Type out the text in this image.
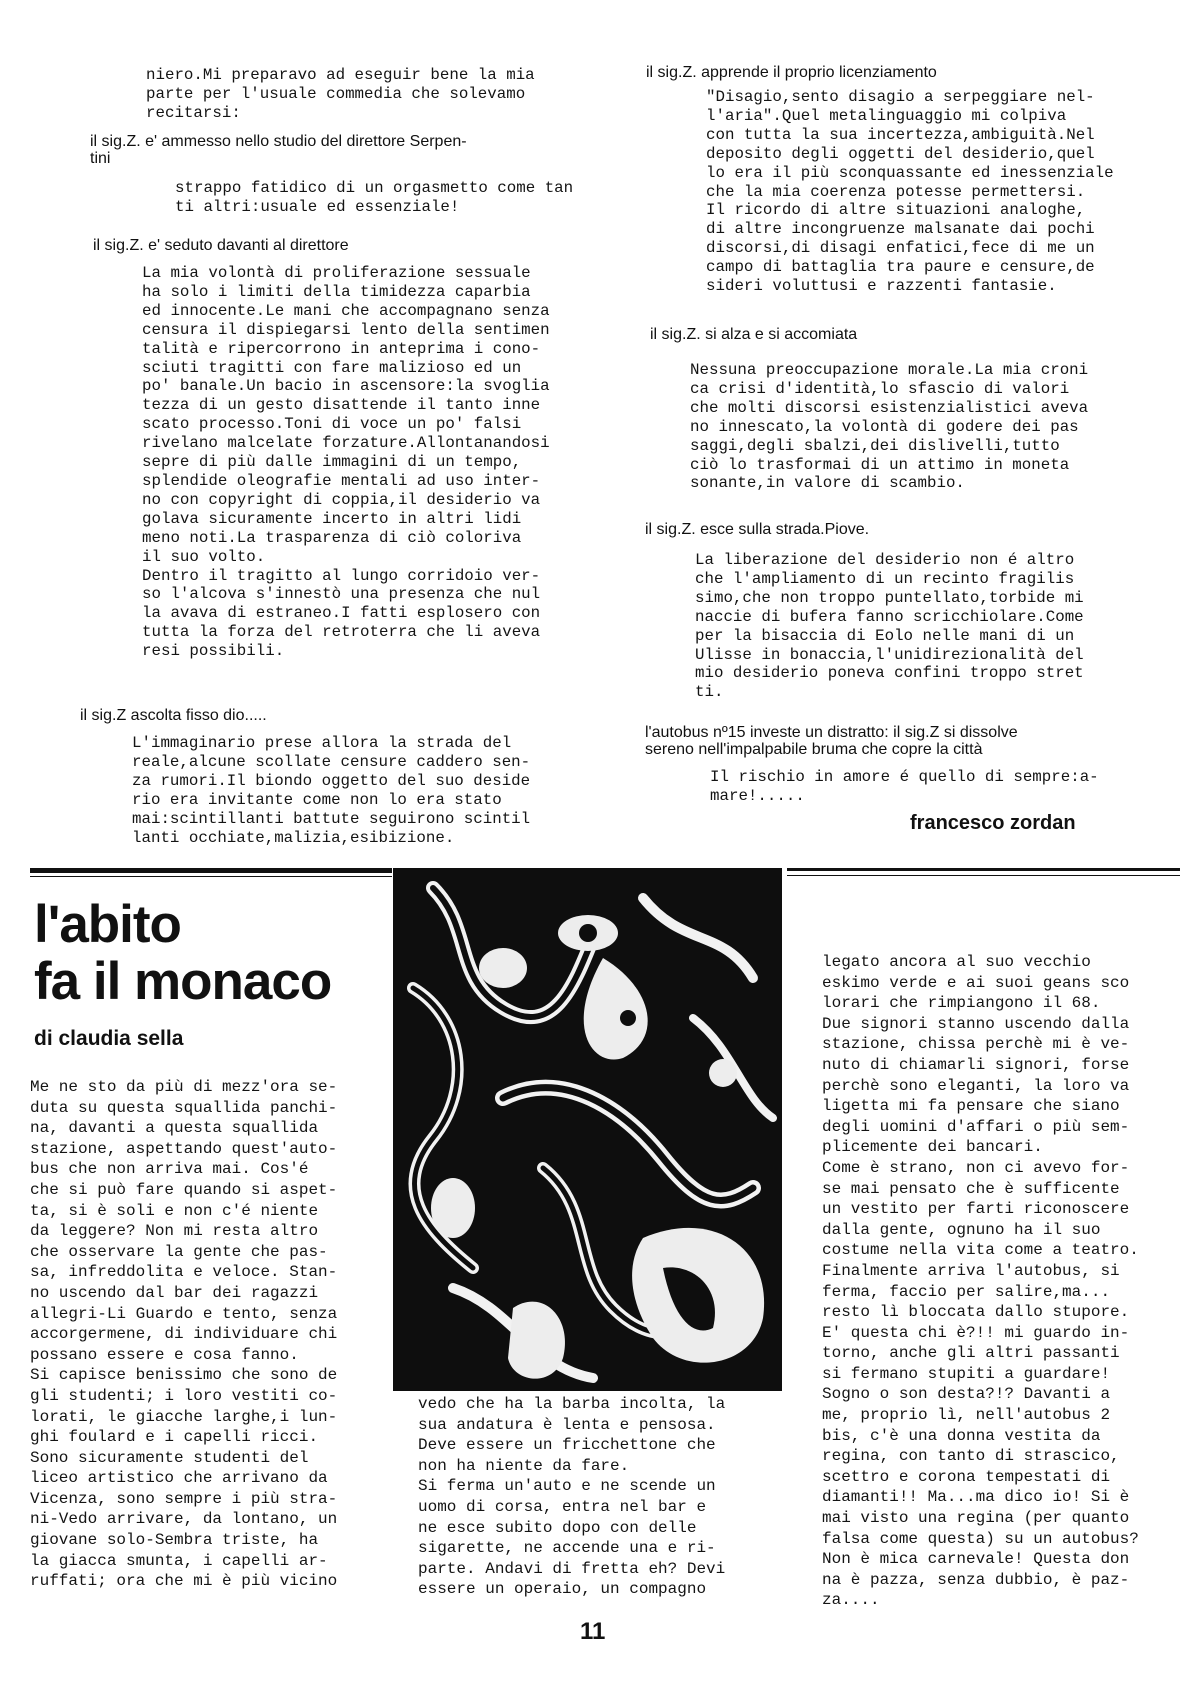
niero.Mi preparavo ad eseguir bene la mia
parte per l'usuale commedia che solevamo
recitarsi:
il sig.Z. e' ammesso nello studio del direttore Serpen-
tini
strappo fatidico di un orgasmetto come tan
ti altri:usuale ed essenziale!
il sig.Z. e' seduto davanti al direttore
La mia volontà di proliferazione sessuale
ha solo i limiti della timidezza caparbia
ed innocente.Le mani che accompagnano senza
censura il dispiegarsi lento della sentimen
talità e ripercorrono in anteprima i cono-
sciuti tragitti con fare malizioso ed un
po' banale.Un bacio in ascensore:la svoglia
tezza di un gesto disattende il tanto inne
scato processo.Toni di voce un po' falsi
rivelano malcelate forzature.Allontanandosi
sepre di più dalle immagini di un tempo,
splendide oleografie mentali ad uso inter-
no con copyright di coppia,il desiderio va
golava sicuramente incerto in altri lidi
meno noti.La trasparenza di ciò coloriva
il suo volto.
Dentro il tragitto al lungo corridoio ver-
so l'alcova s'innestò una presenza che nul
la avava di estraneo.I fatti esplosero con
tutta la forza del retroterra che li aveva
resi possibili.
il sig.Z ascolta fisso dio.....
L'immaginario prese allora la strada del
reale,alcune scollate censure caddero sen-
za rumori.Il biondo oggetto del suo deside
rio era invitante come non lo era stato
mai:scintillanti battute seguirono scintil
lanti occhiate,malizia,esibizione.
il sig.Z. apprende il proprio licenziamento
"Disagio,sento disagio a serpeggiare nel-
l'aria".Quel metalinguaggio mi colpiva
con tutta la sua incertezza,ambiguità.Nel
deposito degli oggetti del desiderio,quel
lo era il più sconquassante ed inessenziale
che la mia coerenza potesse permettersi.
Il ricordo di altre situazioni analoghe,
di altre incongruenze malsanate dai pochi
discorsi,di disagi enfatici,fece di me un
campo di battaglia tra paure e censure,de
sideri voluttusi e razzenti fantasie.
il sig.Z. si alza e si accomiata
Nessuna preoccupazione morale.La mia croni
ca crisi d'identità,lo sfascio di valori
che molti discorsi esistenzialistici aveva
no innescato,la volontà di godere dei pas
saggi,degli sbalzi,dei dislivelli,tutto
ciò lo trasformai di un attimo in moneta
sonante,in valore di scambio.
il sig.Z. esce sulla strada.Piove.
La liberazione del desiderio non é altro
che l'ampliamento di un recinto fragilis
simo,che non troppo puntellato,torbide mi
naccie di bufera fanno scricchiolare.Come
per la bisaccia di Eolo nelle mani di un
Ulisse in bonaccia,l'unidirezionalità del
mio desiderio poneva confini troppo stret
ti.
l'autobus nº15 investe un distratto: il sig.Z si dissolve
sereno nell'impalpabile bruma che copre la città
Il rischio in amore é quello di sempre:a-
mare!.....
francesco zordan
l'abito
fa il monaco
di claudia sella
Me ne sto da più di mezz'ora se-
duta su questa squallida panchi-
na, davanti a questa squallida
stazione, aspettando quest'auto-
bus che non arriva mai. Cos'é
che si può fare quando si aspet-
ta, si è soli e non c'é niente
da leggere? Non mi resta altro
che osservare la gente che pas-
sa, infreddolita e veloce. Stan-
no uscendo dal bar dei ragazzi
allegri-Li Guardo e tento, senza
accorgermene, di individuare chi
possano essere e cosa fanno.
Si capisce benissimo che sono de
gli studenti; i loro vestiti co-
lorati, le giacche larghe,i lun-
ghi foulard e i capelli ricci.
Sono sicuramente studenti del
liceo artistico che arrivano da
Vicenza, sono sempre i più stra-
ni-Vedo arrivare, da lontano, un
giovane solo-Sembra triste, ha
la giacca smunta, i capelli ar-
ruffati; ora che mi è più vicino
vedo che ha la barba incolta, la
sua andatura è lenta e pensosa.
Deve essere un fricchettone che
non ha niente da fare.
Si ferma un'auto e ne scende un
uomo di corsa, entra nel bar e
ne esce subito dopo con delle
sigarette, ne accende una e ri-
parte. Andavi di fretta eh? Devi
essere un operaio, un compagno
legato ancora al suo vecchio
eskimo verde e ai suoi geans sco
lorari che rimpiangono il 68.
Due signori stanno uscendo dalla
stazione, chissa perchè mi è ve-
nuto di chiamarli signori, forse
perchè sono eleganti, la loro va
ligetta mi fa pensare che siano
degli uomini d'affari o più sem-
plicemente dei bancari.
Come è strano, non ci avevo for-
se mai pensato che è sufficente
un vestito per farti riconoscere
dalla gente, ognuno ha il suo
costume nella vita come a teatro.
Finalmente arriva l'autobus, si
ferma, faccio per salire,ma...
resto lì bloccata dallo stupore.
E' questa chi è?!! mi guardo in-
torno, anche gli altri passanti
si fermano stupiti a guardare!
Sogno o son desta?!? Davanti a
me, proprio lì, nell'autobus 2
bis, c'è una donna vestita da
regina, con tanto di strascico,
scettro e corona tempestati di
diamanti!! Ma...ma dico io! Si è
mai visto una regina (per quanto
falsa come questa) su un autobus?
Non è mica carnevale! Questa don
na è pazza, senza dubbio, è paz-
za....
11
